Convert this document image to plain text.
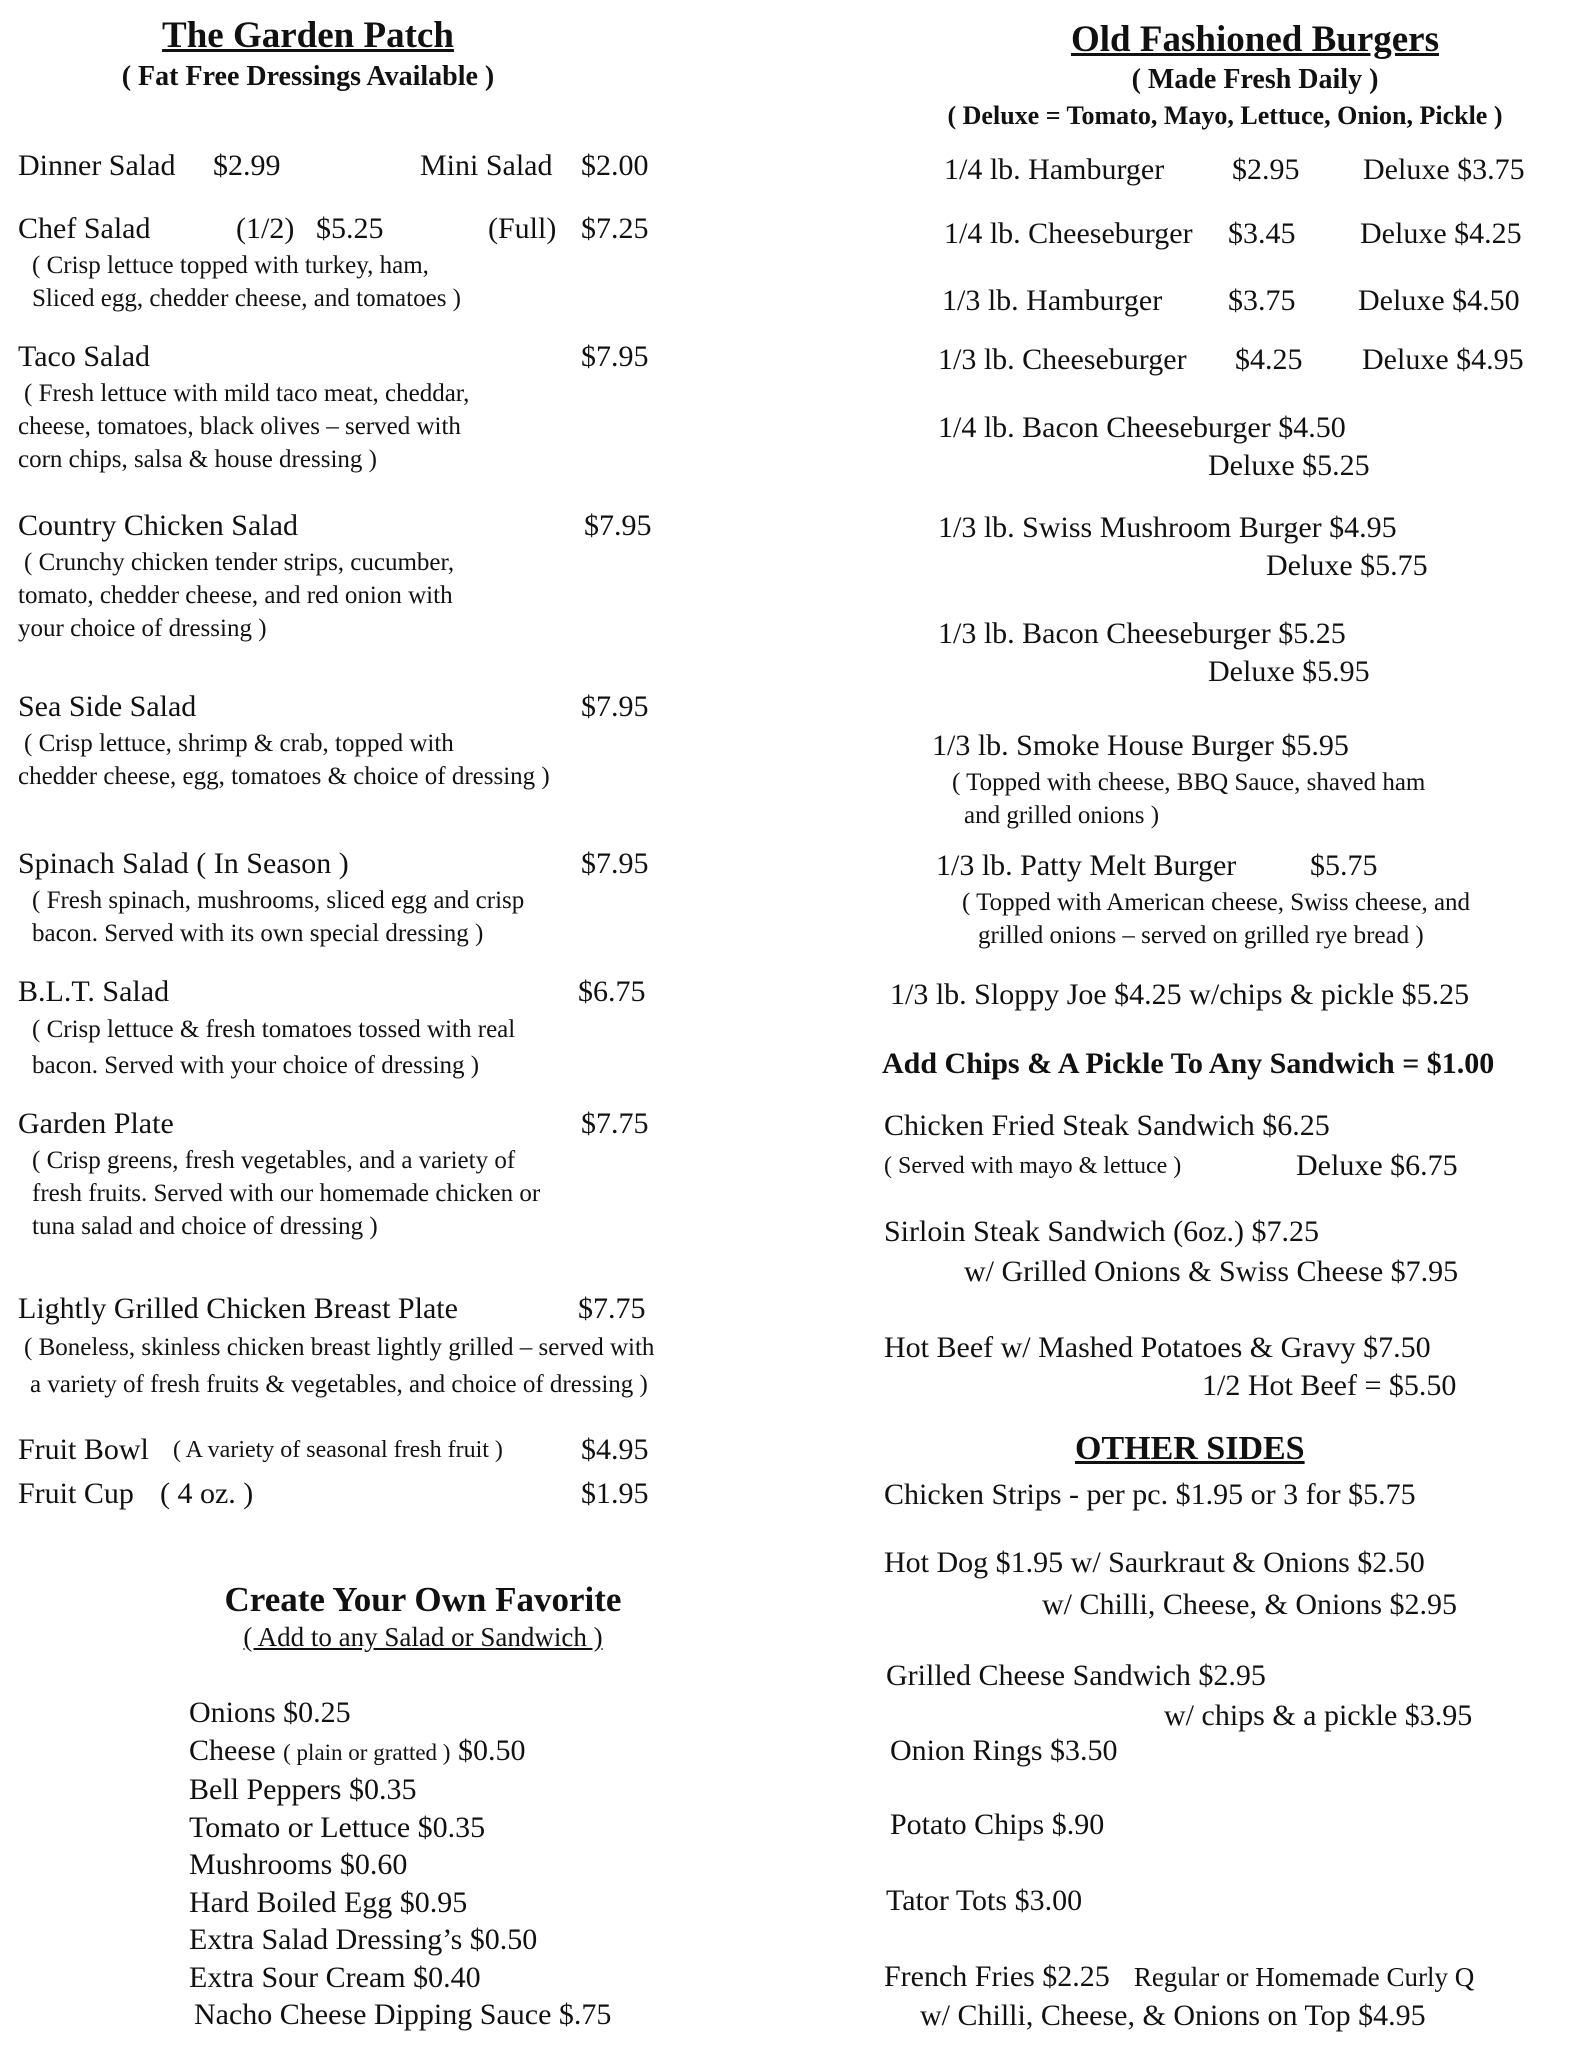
The Garden Patch
( Fat Free Dressings Available )
Dinner Salad $2.99	Mini Salad $2.00
Chef Salad	(1/2) $5.25	(Full) $7.25
( Crisp lettuce topped with turkey, ham,
Sliced egg, chedder cheese, and tomatoes )
Taco Salad	$7.95
( Fresh lettuce with mild taco meat, cheddar,
cheese, tomatoes, black olives – served with
corn chips, salsa & house dressing )
Country Chicken Salad	$7.95
( Crunchy chicken tender strips, cucumber,
tomato, chedder cheese, and red onion with
your choice of dressing )
Sea Side Salad	$7.95
( Crisp lettuce, shrimp & crab, topped with
chedder cheese, egg, tomatoes & choice of dressing )
Spinach Salad ( In Season )	$7.95
( Fresh spinach, mushrooms, sliced egg and crisp
bacon. Served with its own special dressing )
B.L.T. Salad	$6.75
( Crisp lettuce & fresh tomatoes tossed with real
bacon. Served with your choice of dressing )
Garden Plate	$7.75
( Crisp greens, fresh vegetables, and a variety of
fresh fruits. Served with our homemade chicken or
tuna salad and choice of dressing )
Lightly Grilled Chicken Breast Plate	$7.75
( Boneless, skinless chicken breast lightly grilled – served with
a variety of fresh fruits & vegetables, and choice of dressing )
Fruit Bowl ( A variety of seasonal fresh fruit )	$4.95
Fruit Cup ( 4 oz. )	$1.95
Create Your Own Favorite
( Add to any Salad or Sandwich )
Onions $0.25
Cheese ( plain or gratted ) $0.50
Bell Peppers $0.35
Tomato or Lettuce $0.35
Mushrooms $0.60
Hard Boiled Egg $0.95
Extra Salad Dressing’s $0.50
Extra Sour Cream $0.40
Nacho Cheese Dipping Sauce $.75
Old Fashioned Burgers
( Made Fresh Daily )
( Deluxe = Tomato, Mayo, Lettuce, Onion, Pickle )
1/4 lb. Hamburger $2.95 Deluxe $3.75
1/4 lb. Cheeseburger $3.45 Deluxe $4.25
1/3 lb. Hamburger $3.75 Deluxe $4.50
1/3 lb. Cheeseburger $4.25 Deluxe $4.95
1/4 lb. Bacon Cheeseburger $4.50
Deluxe $5.25
1/3 lb. Swiss Mushroom Burger $4.95
Deluxe $5.75
1/3 lb. Bacon Cheeseburger $5.25
Deluxe $5.95
1/3 lb. Smoke House Burger $5.95
( Topped with cheese, BBQ Sauce, shaved ham
and grilled onions )
1/3 lb. Patty Melt Burger $5.75
( Topped with American cheese, Swiss cheese, and
grilled onions – served on grilled rye bread )
1/3 lb. Sloppy Joe $4.25 w/chips & pickle $5.25
Add Chips & A Pickle To Any Sandwich = $1.00
Chicken Fried Steak Sandwich $6.25
( Served with mayo & lettuce )	Deluxe $6.75
Sirloin Steak Sandwich (6oz.) $7.25
w/ Grilled Onions & Swiss Cheese $7.95
Hot Beef w/ Mashed Potatoes & Gravy $7.50
1/2 Hot Beef = $5.50
OTHER SIDES
Chicken Strips - per pc. $1.95 or 3 for $5.75
Hot Dog $1.95 w/ Saurkraut & Onions $2.50
w/ Chilli, Cheese, & Onions $2.95
Grilled Cheese Sandwich $2.95
w/ chips & a pickle $3.95
Onion Rings $3.50
Potato Chips $.90
Tator Tots $3.00
French Fries $2.25 Regular or Homemade Curly Q
w/ Chilli, Cheese, & Onions on Top $4.95
